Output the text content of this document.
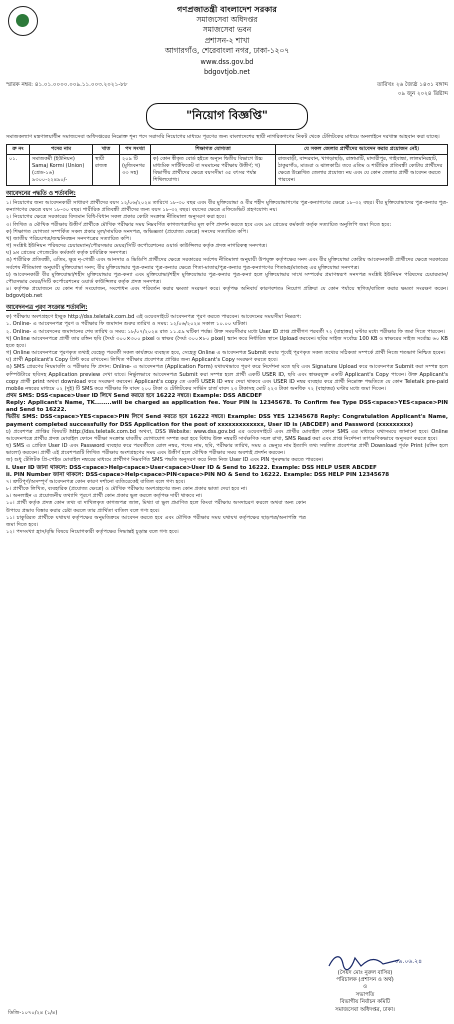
গণপ্রজাতন্ত্রী বাংলাদেশ সরকার
সমাজসেবা অধিদপ্তর
সমাজসেবা ভবন
প্রশাসন-২ শাখা
আগারগাঁও, শেরেবাংলা নগর, ঢাকা-১২০৭
www.dss.gov.bd
bdgovtjob.net
স্মারক নম্বর: ৪১.০১.০০০০.০০৯.১১.০০৩.২০২১-৮৮	তারিখঃ ২৬ জ্যৈষ্ঠ ১৪৩১ বঙ্গাব্দ
০৯ জুন ২০২৪ খ্রিষ্টাব্দ
"নিয়োগ বিজ্ঞপ্তি"
সমাজকল্যাণ মন্ত্রণালয়াধীন সমাজসেবা অধিদপ্তরের নিম্নোক্ত শূন্য পদে সরাসরি নিয়োগের মাধ্যমে পূরণের জন্য বাংলাদেশের স্থায়ী নাগরিকগণের নিকট থেকে টেলিটকের মাধ্যমে অনলাইনে দরখাস্ত আহবান করা যাচ্ছে।
ক্র নং	পদের নাম	খাত	পদ সংখ্যা	শিক্ষাগত যোগ্যতা	যে সকল জেলার প্রার্থীদের আবেদন করার প্রয়োজন নেই।
০১.	সমাজকর্মী (ইউনিয়ন) Samaj Kormi (Union) (গ্রেড-১৬) ৯৩০০-২২৪৯০/-	স্থায়ী রাজস্ব	২০৯ টি (মুজিবনগর ৩৩ সহ)	ক) কোন স্বীকৃত বোর্ড হইতে অন্যূন দ্বিতীয় বিভাগে উচ্চ মাধ্যমিক সার্টিফিকেট বা সমমানের পরীক্ষায় উত্তীর্ণ; খ) বিভাগীয় প্রার্থীদের ক্ষেত্রে বয়সসীমা ৩৫ বৎসর পর্যন্ত শিথিলযোগ্য।	রাজবাড়ী, বান্দরবান, খাগড়াছড়ি, রাঙ্গামাটি, মাদারীপুর, গাইবান্ধা, লালমনিরহাট, ঠাকুরগাঁও, মাগুরা ও ঝালকাঠি। তবে এতিম ও শারীরিক প্রতিবন্ধী কোটায় প্রার্থীদের ক্ষেত্রে উল্লেখিত জেলার প্রযোজ্য নয় এবং যে কোন জেলার প্রার্থী আবেদন করতে পারবেন।
আবেদনের পদ্ধতি ও শর্তাবলি:

১। নিয়োগের জন্য আবেদনকারী সাধারণ প্রার্থীদের বয়স ১২/০৬/২০২৪ তারিখে ১৮-৩০ বছর এবং বীর মুক্তিযোদ্ধা ও বীর শহীদ মুক্তিযোদ্ধাগণের পুত্র-কন্যাগণের ক্ষেত্রে ১৮-৩২ বছর। বীর মুক্তিযোদ্ধাদের পুত্র-কন্যার পুত্র-কন্যাগণের ক্ষেত্রে বয়স ১৮-৩০ বছর। শারীরিক প্রতিবন্ধী প্রার্থীদের জন্য বয়স ১৮-৩২ বছর। বয়সের ক্ষেত্রে এফিডেভিট গ্রহণযোগ্য নয়।

২। নিয়োগের ক্ষেত্রে সরকারের বিদ্যমান বিধি-বিধান সকল প্রকার কোটা সংক্রান্ত নীতিমালা অনুসরণ করা হবে।

৩। লিখিত ও মৌখিক পরীক্ষায় উত্তীর্ণ প্রার্থীকে মৌখিক পরীক্ষার সময় নিম্নবর্ণিত কাগজপত্রাদির মূল কপি প্রদর্শন করতে হবে এবং ৯ম গ্রেডের কর্মকর্তা কর্তৃক সত্যায়িত অনুলিপি জমা দিতে হবে:

ক) শিক্ষাগত যোগ্যতা সম্পর্কিত সকল প্রকার মূল/সাময়িক সনদপত্র, অভিজ্ঞতা (প্রযোজ্য ক্ষেত্রে) সনদের সত্যায়িত কপি।

খ) জাতীয় পরিচয়পত্র/জন্মনিবন্ধন সনদপত্রের সত্যায়িত কপি।

গ) সংশ্লিষ্ট ইউনিয়ন পরিষদের চেয়ারম্যান/পৌরসভার মেয়র/সিটি কর্পোরেশনের ওয়ার্ড কাউন্সিলর কর্তৃক প্রদত্ত নাগরিকত্ব সনদপত্র।

ঘ) ৯ম গ্রেডের গেজেটেড কর্মকর্তা কর্তৃক চারিত্রিক সনদপত্র।

ঙ) শারীরিক প্রতিবন্ধী, এতিম, ক্ষুদ্র নৃ-গোষ্ঠী এবং আনসার ও ভিডিপি প্রার্থীদের ক্ষেত্রে সরকারের সর্বশেষ নীতিমালা অনুযায়ী উপযুক্ত কর্তৃপক্ষের সনদ এবং বীর মুক্তিযোদ্ধা কোটায় আবেদনকারী প্রার্থীদের ক্ষেত্রে সরকারের সর্বশেষ নীতিমালা অনুযায়ী মুক্তিযোদ্ধা সনদ; বীর মুক্তিযোদ্ধার পুত্র-কন্যার পুত্র-কন্যার ক্ষেত্রে পিতা-মাতার/পুত্র-কন্যার পুত্র-কন্যাগণের পিতামহ/মাতামহ এর মুক্তিযোদ্ধা সনদপত্র।

চ) আবেদনকারী বীর মুক্তিযোদ্ধা/শহীদ মুক্তিযোদ্ধার পুত্র-কন্যা এবং মুক্তিযোদ্ধা/শহীদ মুক্তিযোদ্ধার পুত্র-কন্যার পুত্র-কন্যা হলে মুক্তিযোদ্ধার সাথে সম্পর্কের প্রমাণস্বরূপ সনদপত্র সংশ্লিষ্ট ইউনিয়ন পরিষদের চেয়ারম্যান/পৌরসভার মেয়র/সিটি কর্পোরেশনের ওয়ার্ড কাউন্সিলর কর্তৃক প্রদত্ত সনদপত্র।

৪। কর্তৃপক্ষ প্রয়োজনে যে কোন শর্ত সংযোজন, সংশোধন এবং পরিবর্তন করার ক্ষমতা সংরক্ষণ করে। কর্তৃপক্ষ অনিবার্য কারণবশতঃ নিয়োগ প্রক্রিয়া যে কোন পর্যায়ে স্থগিত/বাতিল করার ক্ষমতা সংরক্ষণ করেন। bdgovtjob.net

আবেদনপত্র পূরণ সংক্রান্ত শর্তাবলি:

ক) পরীক্ষায় অংশগ্রহণে ইচ্ছুক http://dss.teletalk.com.bd এই ওয়েবসাইটে আবেদনপত্র পূরণ করতে পারবেন। আবেদনের সময়সীমা নিম্নরূপ:

১. Online- এ আবেদনপত্র পূরণ ও পরীক্ষার ফি জমাদান শুরুর তারিখ ও সময়: ১২/০৬/২০২৪ সকাল ১০.০০ ঘটিকা।

২. Online- এ আবেদনের জমাদানের শেষ তারিখ ও সময়: ১৮/০৭/২০২৪ রাত ১১.৫৯ ঘটিকা পর্যন্ত। উক্ত সময়সীমার মধ্যে User ID প্রাপ্ত প্রার্থীগণ পরবর্তী ৭২ (বাহাত্তর) ঘণ্টার মধ্যে পরীক্ষার ফি জমা দিতে পারবেন।

খ) Online আবেদনপত্রে প্রার্থী তার রঙ্গিন ছবি (দৈর্ঘ্য ৩০০×৩০০ pixel ও স্বাক্ষর (দৈর্ঘ্য ৩০০×৮০ pixel) স্ক্যান করে নির্ধারিত স্থানে Upload করবেন। ছবির সাইজ সর্বোচ্চ 100 KB ও স্বাক্ষরের সাইজ সর্বোচ্চ ৬০ KB হতে হবে।

গ) Online আবেদনপত্রে পূরণকৃত তথ্যই যেহেতু পরবর্তী সকল কার্যক্রমে ব্যবহৃত হবে, সেহেতু Online এ আবেদনপত্র Submit করার পূর্বেই পূরণকৃত সকল তথ্যের সঠিকতা সম্পর্কে প্রার্থী নিজে শতভাগ নিশ্চিত হবেন।

ঘ) প্রার্থী Applicant's Copy প্রিন্ট করে রাখবেন। লিখিত পরীক্ষার প্রবেশপত্র প্রাপ্তির জন্য Applicant's Copy সংরক্ষণ করতে হবে।

ঙ) SMS প্রেরণের নিয়মাবলি ও পরীক্ষার ফি প্রদান: Online- এ আবেদনপত্র (Application Form) যথাযথভাবে পূরণ করে নির্দেশনা মতে ছবি এবং Signature Upload করে আবেদনপত্র Submit করা সম্পন্ন হলে কম্পিউটারে ছবিসহ Application preview দেখা যাবে। নির্ভুলভাবে আবেদনপত্র Submit করা সম্পন্ন হলে প্রার্থী একটি USER ID, ছবি এবং স্বাক্ষরযুক্ত একটি Applicant's Copy পাবেন। উক্ত Applicant's copy প্রার্থী print অথবা download করে সংরক্ষণ করবেন। Applicant's copy তে একটি USER ID নম্বর দেয়া থাকবে এবং USER ID নম্বর ব্যবহার করে প্রার্থী নিম্নোক্ত পদ্ধতিতে যে কোন Teletalk pre-paid mobile নম্বরের মাধ্যমে ০২ (দুই) টি SMS করে পরীক্ষার ফি বাবদ ২০০ টাকা ও টেলিটকের সার্ভিস চার্জ বাবদ ২৩ টাকাসহ মোট ২২৩ টাকা অনধিক ৭২ (বাহাত্তর) ঘণ্টার মধ্যে জমা দিবেন।

প্রথম SMS: DSS<space>User ID লিখে Send করতে হবে 16222 নম্বরে। Example: DSS ABCDEF

Reply: Applicant's Name, TK........will be charged as application fee. Your PIN is 12345678. To Confirm fee Type DSS<space>YES<space>PIN and Send to 16222.

দ্বিতীয় SMS: DSS<space>YES<space>PIN লিখে Send করতে হবে 16222 নম্বরে। Example: DSS YES 12345678 Reply: Congratulation Applicant's Name, payment completed successfully for DSS Application for the post of xxxxxxxxxxxxx, User ID is (ABCDEF) and Password (xxxxxxxxx)

চ) প্রবেশপত্র প্রাপ্তির বিষয়টি http://dss.teletalk.com.bd অথবা, DSS Website: www.dss.gov.bd এর ওয়েবসাইটে এবং প্রার্থীর মোবাইল ফোনে SMS এর মাধ্যমে যথাসময়ে জানানো হবে। Online আবেদনপত্রে প্রার্থীর প্রদত্ত মোবাইল ফোনে পরীক্ষা সংক্রান্ত যাবতীয় যোগাযোগ সম্পন্ন করা হবে বিধায় উক্ত নম্বরটি সার্বক্ষণিক সচল রাখা, SMS Read করা এবং প্রাপ্ত নির্দেশনা তাৎক্ষণিকভাবে অনুসরণ করতে হবে।

ছ) SMS এ প্রেরিত User ID এবং Password ব্যবহার করে পরবর্তীতে রোল নম্বর, পদের নাম, ছবি, পরীক্ষার তারিখ, সময় ও ভেন্যুর নাম ইত্যাদি তথ্য সম্বলিত প্রবেশপত্র প্রার্থী Download পূর্বক Print (রঙ্গিন হলে ভালো) করবেন। প্রার্থী এই প্রবেশপত্রটি লিখিত পরীক্ষায় অংশগ্রহণের সময় এবং উত্তীর্ণ হলে মৌখিক পরীক্ষার সময় অবশ্যই প্রদর্শন করবেন।

জ) শুধু টেলিটক প্রি-পেইড মোবাইল নম্বরের মাধ্যমে প্রার্থীগণ নিম্নবর্ণিত SMS পদ্ধতি অনুসরণ করে নিজ নিজ User ID এবং PIN পুনরুদ্ধার করতে পারবেন।

i. User ID জানা থাকলে: DSS<space>Help<space>User<space>User ID & Send to 16222. Example: DSS HELP USER ABCDEF

ii. PIN Number জানা থাকলে: DSS<space>Help<space>PIN<space>PIN NO & Send to 16222. Example: DSS HELP PIN 12345678

৭। ত্রুটিপূর্ণ/অসম্পূর্ণ আবেদনপত্র কোন কারণ দর্শানো ব্যতিরেকেই বাতিল বলে গণ্য হবে।

৮। প্রার্থীকে লিখিত, ব্যবহারিক (প্রযোজ্য ক্ষেত্রে) ও মৌখিক পরীক্ষায় অংশগ্রহণের জন্য কোন প্রকার ভাতা দেয়া হবে না।

৯। অনলাইন এ প্রয়োজনীয় তথ্যাদি পূরণে প্রার্থী কোন প্রকার ভুল করলে কর্তৃপক্ষ দায়ী থাকবে না।

১০। প্রার্থী কর্তৃক প্রদত্ত কোন তথ্য বা দাখিলকৃত কাগজপত্র জাল, মিথ্যা বা ভুল প্রমাণিত হলে কিংবা পরীক্ষায় অসদাচরণ করলে অথবা অন্য কোন উপায়ে প্রভাব বিস্তার করার চেষ্টা করলে তার প্রার্থিতা বাতিল বলে গণ্য হবে।

১১। চাকুরিরত প্রার্থীকে যথাযথ কর্তৃপক্ষের অনুমতিক্রমে আবেদন করতে হবে এবং মৌখিক পরীক্ষার সময় যথাযথ কর্তৃপক্ষের ছাড়পত্র/অনাপত্তি পত্র জমা দিতে হবে।

১২। পদসংখ্যা হ্রাস/বৃদ্ধি বিষয়ে নিয়োগকারী কর্তৃপক্ষের সিদ্ধান্তই চূড়ান্ত বলে গণ্য হবে।

০৯.০৬.২৪
(সৈয়দ মোঃ নুরুল বাসির)
পরিচালক (প্রশাসন ও অর্থ)
ও
সভাপতি
বিভাগীয় নির্বাচন কমিটি
সমাজসেবা অধিদপ্তর, ঢাকা।
ডিজি-১০৭০/২৪ (১/৪)
